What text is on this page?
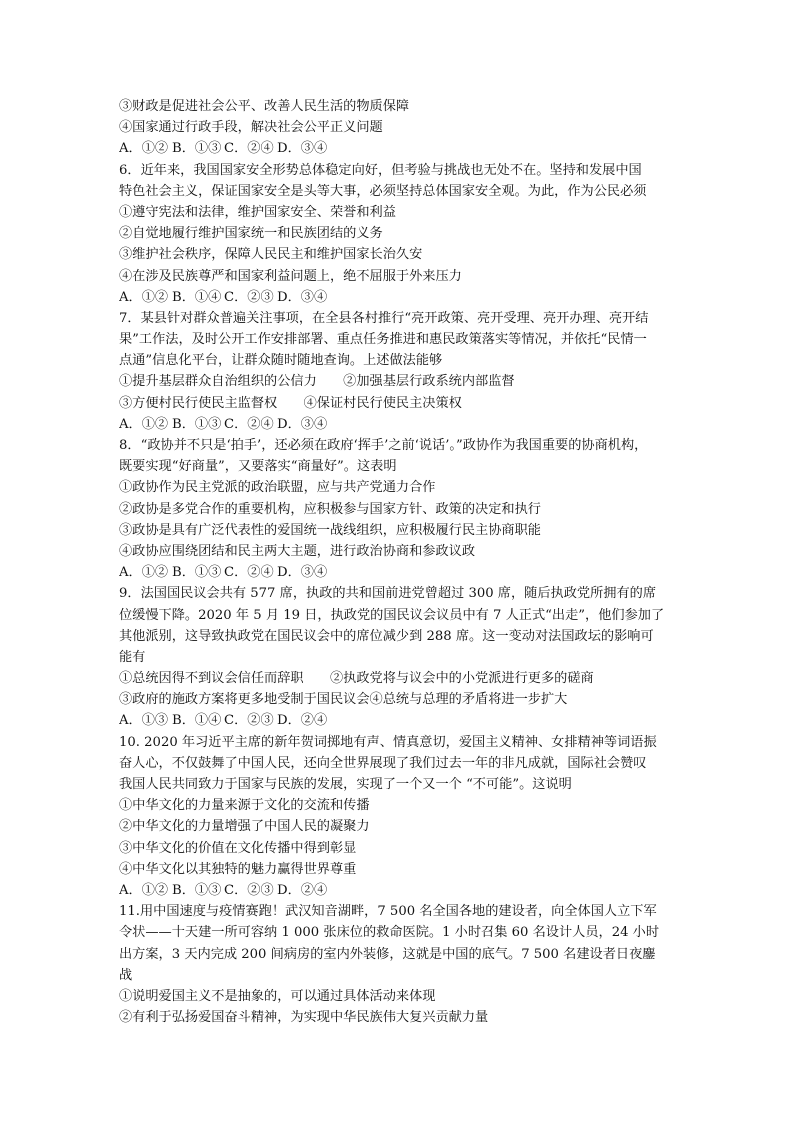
③财政是促进社会公平、改善人民生活的物质保障
④国家通过行政手段，解决社会公平正义问题
A．①② B．①③ C．②④ D．③④
6．近年来，我国国家安全形势总体稳定向好，但考验与挑战也无处不在。坚持和发展中国
特色社会主义，保证国家安全是头等大事，必须坚持总体国家安全观。为此，作为公民必须
①遵守宪法和法律，维护国家安全、荣誉和利益
②自觉地履行维护国家统一和民族团结的义务
③维护社会秩序，保障人民民主和维护国家长治久安
④在涉及民族尊严和国家利益问题上，绝不屈服于外来压力
A．①② B．①④ C．②③ D．③④
7．某县针对群众普遍关注事项，在全县各村推行“亮开政策、亮开受理、亮开办理、亮开结
果”工作法，及时公开工作安排部署、重点任务推进和惠民政策落实等情况，并依托“民情一
点通”信息化平台，让群众随时随地查询。上述做法能够
①提升基层群众自治组织的公信力　　②加强基层行政系统内部监督
③方便村民行使民主监督权　　④保证村民行使民主决策权
A．①② B．①③ C．②④ D．③④
8．“政协并不只是‘拍手’，还必须在政府‘挥手’之前‘说话’。”政协作为我国重要的协商机构，
既要实现“好商量”，又要落实“商量好”。这表明
①政协作为民主党派的政治联盟，应与共产党通力合作
②政协是多党合作的重要机构，应积极参与国家方针、政策的决定和执行
③政协是具有广泛代表性的爱国统一战线组织，应积极履行民主协商职能
④政协应围绕团结和民主两大主题，进行政治协商和参政议政
A．①② B．①③ C．②④ D．③④
9．法国国民议会共有 577 席，执政的共和国前进党曾超过 300 席，随后执政党所拥有的席
位缓慢下降。2020 年 5 月 19 日，执政党的国民议会议员中有 7 人正式“出走”，他们参加了
其他派别，这导致执政党在国民议会中的席位减少到 288 席。这一变动对法国政坛的影响可
能有
①总统因得不到议会信任而辞职　　②执政党将与议会中的小党派进行更多的磋商
③政府的施政方案将更多地受制于国民议会④总统与总理的矛盾将进一步扩大
A．①③ B．①④ C．②③ D．②④
10. 2020 年习近平主席的新年贺词掷地有声、情真意切，爱国主义精神、女排精神等词语振
奋人心，不仅鼓舞了中国人民，还向全世界展现了我们过去一年的非凡成就，国际社会赞叹
我国人民共同致力于国家与民族的发展，实现了一个又一个 “不可能”。这说明
①中华文化的力量来源于文化的交流和传播
②中华文化的力量增强了中国人民的凝聚力
③中华文化的价值在文化传播中得到彰显
④中华文化以其独特的魅力赢得世界尊重
A．①② B．①③ C．②③ D．②④
11.用中国速度与疫情赛跑！武汉知音湖畔，7 500 名全国各地的建设者，向全体国人立下军
令状——十天建一所可容纳 1 000 张床位的救命医院。1 小时召集 60 名设计人员，24 小时
出方案，3 天内完成 200 间病房的室内外装修，这就是中国的底气。7 500 名建设者日夜鏖
战
①说明爱国主义不是抽象的，可以通过具体活动来体现
②有利于弘扬爱国奋斗精神，为实现中华民族伟大复兴贡献力量
